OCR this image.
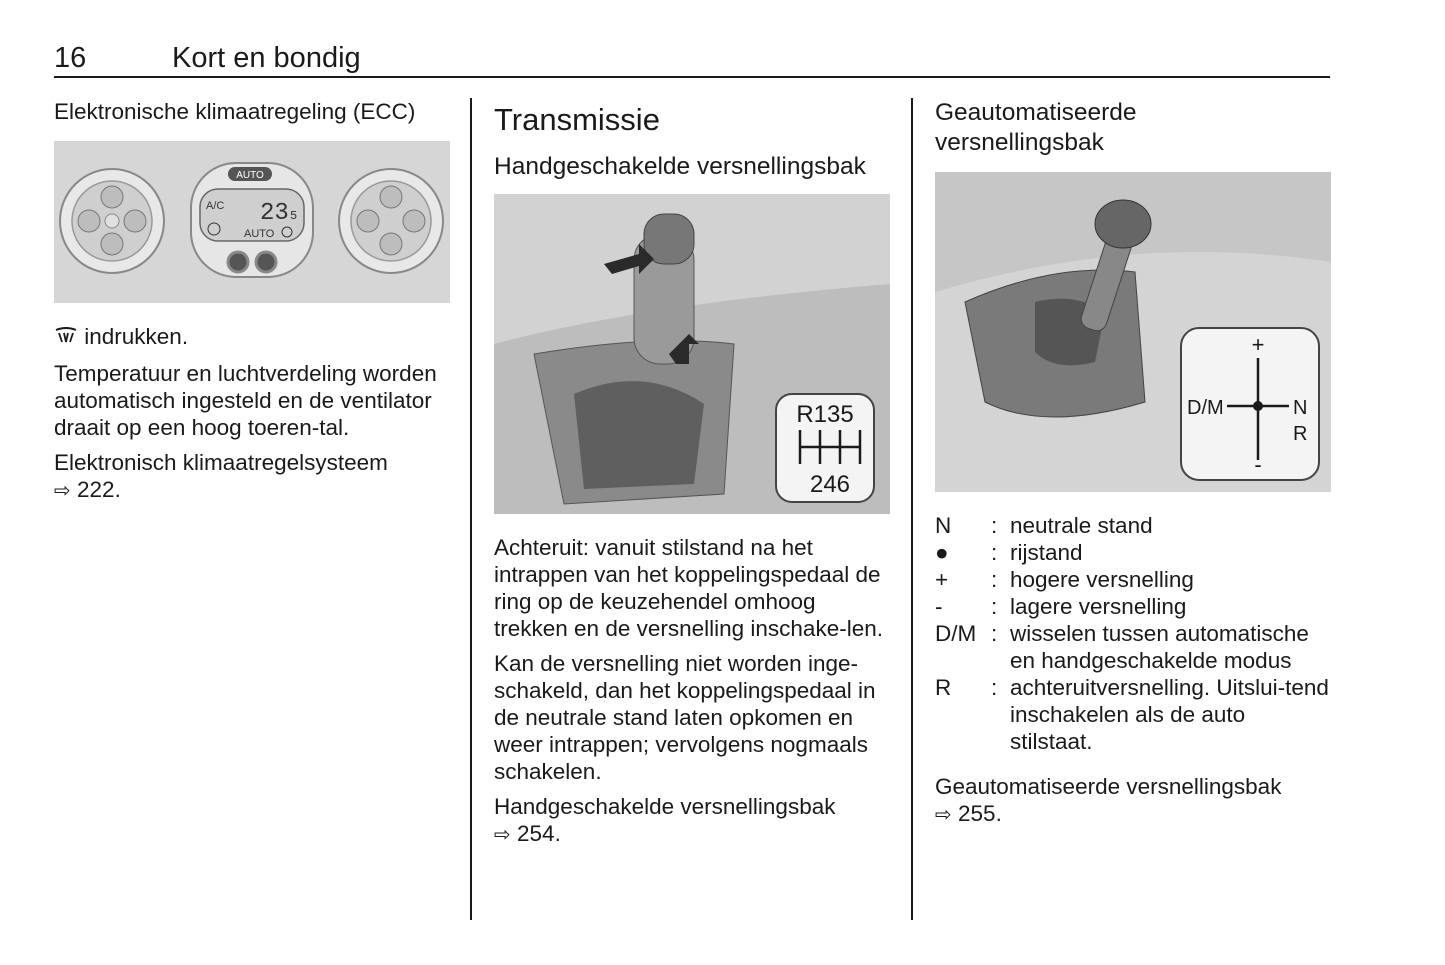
16	Kort en bondig
Elektronische klimaatregeling (ECC)
AUTO
A/C 23 5
AUTO

indrukken.

Temperatuur en luchtverdeling worden automatisch ingesteld en de ventilator draait op een hoog toeren-tal.

Elektronisch klimaatregelsysteem
⇨ 222.

Transmissie
Handgeschakelde versnellingsbak
R135
246

Achteruit: vanuit stilstand na het intrappen van het koppelingspedaal de ring op de keuzehendel omhoog trekken en de versnelling inschake-len.

Kan de versnelling niet worden inge-schakeld, dan het koppelingspedaal in de neutrale stand laten opkomen en weer intrappen; vervolgens nogmaals schakelen.

Handgeschakelde versnellingsbak
⇨ 254.

Geautomatiseerde versnellingsbak
+
-
D/M	N
R
N	: neutrale stand
●	: rijstand
+	: hogere versnelling
-	: lagere versnelling
D/M : wisselen tussen automatische en handgeschakelde modus
R	: achteruitversnelling. Uitslui-tend inschakelen als de auto stilstaat.

Geautomatiseerde versnellingsbak
⇨ 255.
